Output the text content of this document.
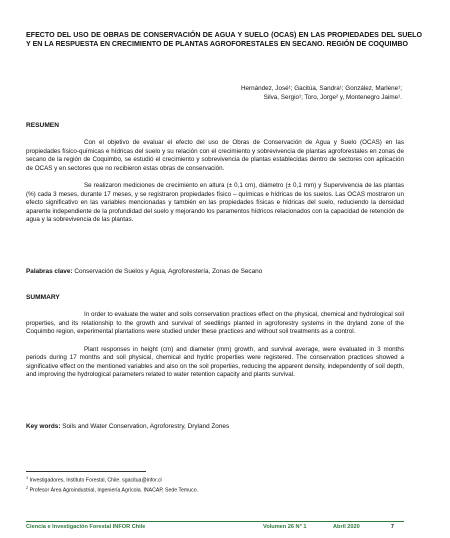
EFECTO DEL USO DE OBRAS DE CONSERVACIÓN DE AGUA Y SUELO (OCAS) EN LAS PROPIEDADES DEL SUELO Y EN LA RESPUESTA EN CRECIMIENTO DE PLANTAS AGROFORESTALES EN SECANO. REGIÓN DE COQUIMBO
Hernández, José¹; Gacitúa, Sandra¹; González, Marlene¹;
Silva, Sergio¹; Toro, Jorge² y, Montenegro Jaime¹.
RESUMEN

Con el objetivo de evaluar el efecto del uso de Obras de Conservación de Agua y Suelo (OCAS) en las propiedades físico-químicas e hídricas del suelo y su relación con el crecimiento y sobrevivencia de plantas agroforestales en zonas de secano de la región de Coquimbo, se estudió el crecimiento y sobrevivencia de plantas establecidas dentro de sectores con aplicación de OCAS y en sectores que no recibieron estas obras de conservación.

Se realizaron mediciones de crecimiento en altura (± 0,1 cm), diámetro (± 0,1 mm) y Supervivencia de las plantas (%) cada 3 meses, durante 17 meses, y se registraron propiedades físico – químicas e hídricas de los suelos. Las OCAS mostraron un efecto significativo en las variables mencionadas y también en las propiedades físicas e hídricas del suelo, reduciendo la densidad aparente independiente de la profundidad del suelo y mejorando los paramentos hídricos relacionados con la capacidad de retención de agua y la sobrevivencia de las plantas.

Palabras clave: Conservación de Suelos y Agua, Agroforestería, Zonas de Secano
SUMMARY

In order to evaluate the water and soils conservation practices effect on the physical, chemical and hydrological soil properties, and its relationship to the growth and survival of seedlings planted in agroforestry systems in the dryland zone of the Coquimbo region, experimental plantations were studied under these practices and without soil treatments as a control.

Plant responses in height (cm) and diameter (mm) growth, and survival average, were evaluated in 3 months periods during 17 months and soil physical, chemical and hydric properties were registered. The conservation practices showed a significative effect on the mentioned variables and also on the soil properties, reducing the apparent density, independently of soil depth, and improving the hydrological parameters related to water retention capacity and plants survival.

Key words: Soils and Water Conservation, Agroforestry, Dryland Zones
$^1$ Investigadores, Instituto Forestal, Chile. sgacitua@infor.cl
$^2$ Profesor Área Agroindustrial, Ingeniería Agrícola. INACAP, Sede Temuco.
Ciencia e Investigación Forestal INFOR Chile	Volumen 26 N° 1	Abril 2020	7
